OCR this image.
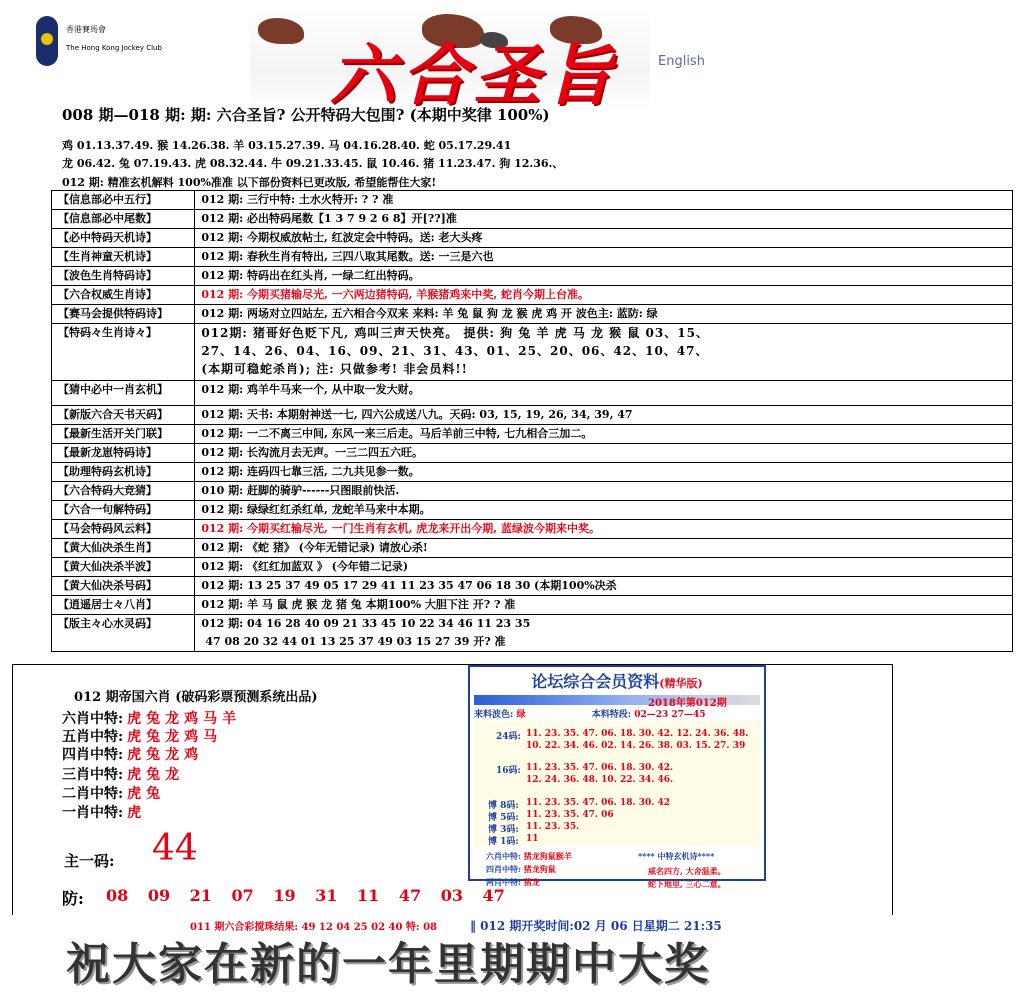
香港賽馬會
The Hong Kong Jockey Club	六合圣旨	English
008 期—018 期: 期: 六合圣旨? 公开特码大包围? (本期中奖律 100%)
鸡 01.13.37.49. 猴 14.26.38. 羊 03.15.27.39. 马 04.16.28.40. 蛇 05.17.29.41
龙 06.42. 兔 07.19.43. 虎 08.32.44. 牛 09.21.33.45. 鼠 10.46. 猪 11.23.47. 狗 12.36.、
012 期: 精准玄机解料 100%准准 以下部份资料已更改版, 希望能帮住大家!
【信息部必中五行】	012 期: 三行中特: 土水火特开: ? ? 准
【信息部必中尾数】	012 期: 必出特码尾数【1 3 7 9 2 6 8】开[??]准
【必中特码天机诗】	012 期: 今期权威放帖士, 红波定会中特码。送: 老大头疼
【生肖神童天机诗】	012 期: 春秋生肖有特出, 三四八取其尾数。送: 一三是六也
【波色生肖特码诗】	012 期: 特码出在红头肖, 一绿二红出特码。
【六合权威生肖诗】	012 期: 今期买猪输尽光, 一六两边猪特码, 羊猴猪鸡来中奖, 蛇肖今期上台准。
【赛马会提供特码诗】	012 期: 两场对立四站左, 五六相合今双来 来料: 羊 兔 鼠 狗 龙 猴 虎 鸡 开 波色主: 蓝防: 绿
【特码々生肖诗々】	012期: 猪哥好色贬下凡, 鸡叫三声天快亮。 提供: 狗 兔 羊 虎 马 龙 猴 鼠 03、15、
27、14、26、04、16、09、21、31、43、01、25、20、06、42、10、47、
(本期可稳蛇杀肖); 注: 只做参考! 非会员料!!

【猜中必中一肖玄机】	012 期: 鸡羊牛马来一个, 从中取一发大财。
【新版六合天书天码】	012 期: 天书: 本期射神送一七, 四六公成送八九。天码: 03, 15, 19, 26, 34, 39, 47
【最新生活开关门联】	012 期: 一二不离三中间, 东风一来三后走。马后羊前三中特, 七九相合三加二。
【最新龙崽特码诗】	012 期: 长沟流月去无声。一三二四五六旺。
【助理特码玄机诗】	012 期: 连码四七靠三活, 二九共见参一数。
【六合特码大竞猜】	010 期: 赶脚的骑驴------只图眼前快活.
【六合一句解特码】	012 期: 绿绿红红杀红单, 龙蛇羊马来中本期。
【马会特码风云料】	012 期: 今期买红输尽光, 一门生肖有玄机, 虎龙来开出今期, 蓝绿波今期来中奖。
【黄大仙决杀生肖】	012 期: 《蛇 猪》 (今年无错记录) 请放心杀!
【黄大仙决杀半波】	012 期: 《红红加蓝双 》 (今年错二记录)
【黄大仙决杀号码】	012 期: 13 25 37 49 05 17 29 41 11 23 35 47 06 18 30 (本期100%决杀
【逍遥居士々八肖】	012 期: 羊 马 鼠 虎 猴 龙 猪 兔 本期100% 大胆下注 开? ? 准
【版主々心水灵码】	012 期: 04 16 28 40 09 21 33 45 10 22 34 46 11 23 35
47 08 20 32 44 01 13 25 37 49 03 15 27 39 开? 准
012 期帝国六肖 (破码彩票预测系统出品)
六肖中特: 虎兔龙鸡马羊
五肖中特: 虎兔龙鸡马
四肖中特: 虎兔龙鸡
三肖中特: 虎兔龙
二肖中特: 虎兔
一肖中特: 虎
主一码: 44
防: 08 09 21 07 19 31 11 47 03 47
011 期六合彩搅珠结果: 49 12 04 25 02 40 特: 08	‖ 012 期开奖时间:02 月 06 日星期二 21:35
论坛综合会员资料(精华版)
2018年第012期
来料波色: 绿	本料特段: 02—23 27—45
24码: 11. 23. 35. 47. 06. 18. 30. 42. 12. 24. 36. 48.
10. 22. 34. 46. 02. 14. 26. 38. 03. 15. 27. 39
16码: 11. 23. 35. 47. 06. 18. 30. 42.
12. 24. 36. 48. 10. 22. 34. 46.
博 8码: 11. 23. 35. 47. 06. 18. 30. 42
博 5码: 11. 23. 35. 47. 06
博 3码: 11. 23. 35.
博 1码: 11
六肖中特: 猪龙狗鼠猴羊
四肖中特: 猪龙狗鼠
两肖中特: 猪龙
**** 中特玄机诗****
威名四方, 大舍温柔。
蛇下地里, 三心二意。
祝大家在新的一年里期期中大奖
